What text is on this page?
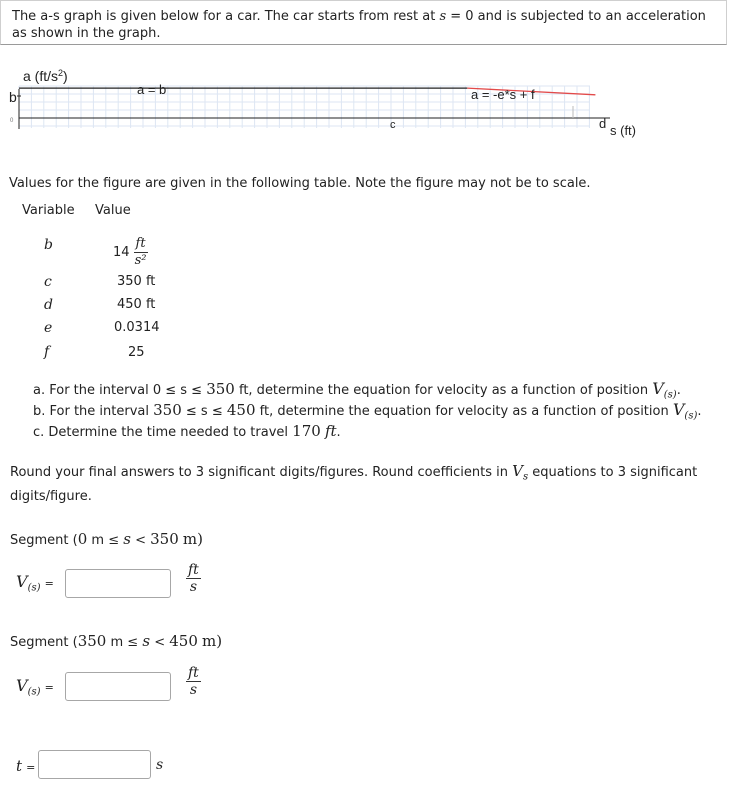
The a-s graph is given below for a car. The car starts from rest at s = 0 and is subjected to an acceleration
as shown in the graph.
a $(ft/s^2)$
b
0
a = b	a = -e*s + f
c	d s (ft)
Values for the figure are given in the following table. Note the figure may not be to scale.
Variable Value
b	$14 \frac{ft}{\text{s²}}$
c	350 ft
d	450 ft
e	0.0314
f	25
a. For the interval 0 ≤ s ≤ 350 ft, determine the equation for velocity as a function of position $V_{(s)}$.
b. For the interval 350 ≤ s ≤ 450 ft, determine the equation for velocity as a function of position $V_{(s)}$.
c. Determine the time needed to travel 170 ft.
Round your final answers to 3 significant digits/figures. Round coefficients in $V_s$ equations to 3 significant
digits/figure.
Segment (0 m ≤ s < 350 m)
$V_{(s)}$ =	$\frac{ft}{s}$
Segment (350 m ≤ s < 450 m)
$V_{(s)}$ =	$\frac{ft}{s}$
t =	s
